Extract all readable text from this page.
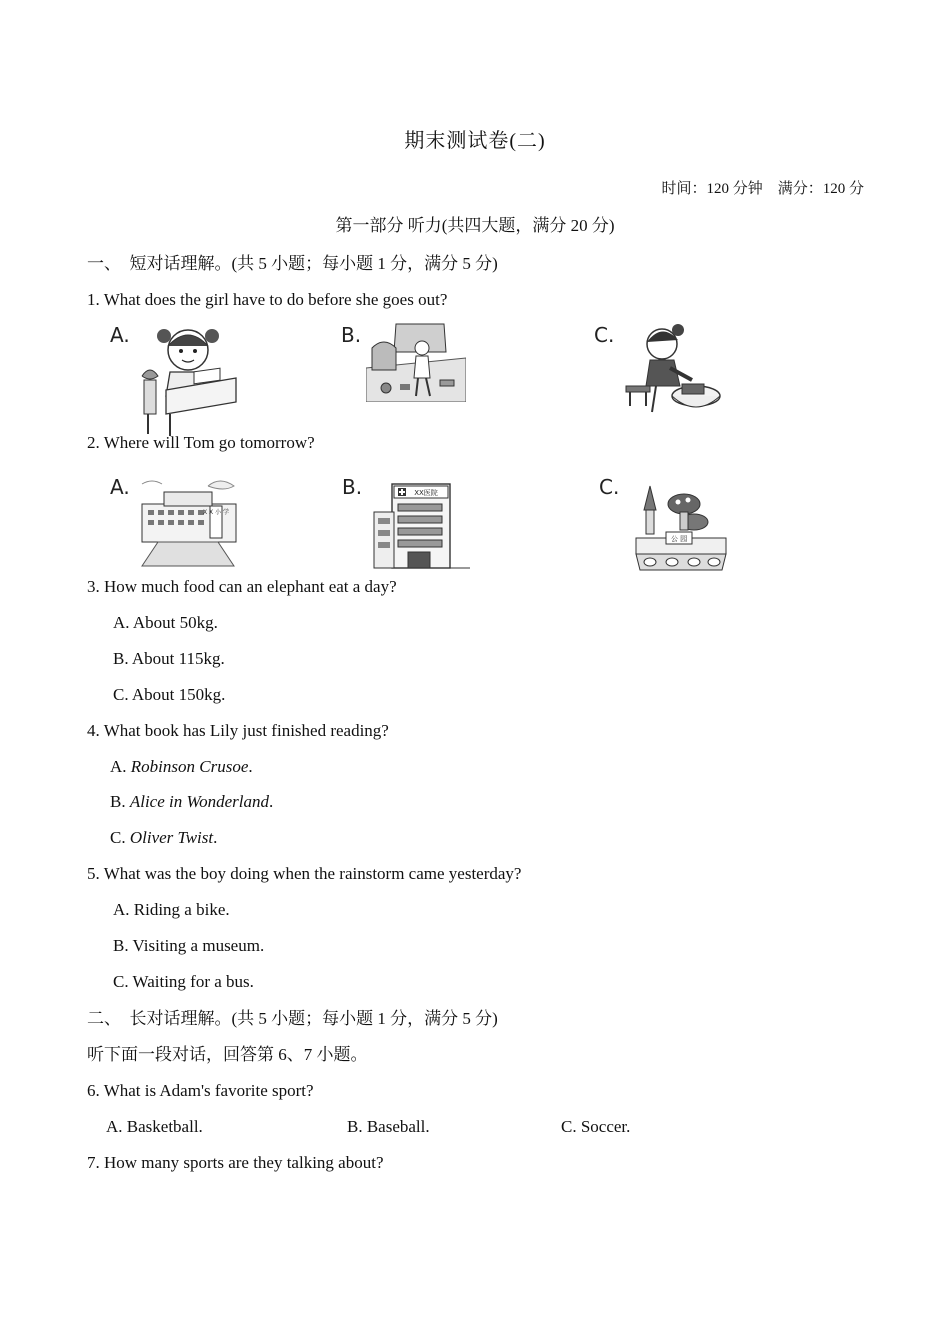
期末测试卷(二)
时间：120 分钟　满分：120 分
第一部分 听力(共四大题，满分 20 分)
一、　短对话理解。(共 5 小题；每小题 1 分，满分 5 分)
1. What does the girl have to do before she goes out?
A.	B.	C.
2. Where will Tom go tomorrow?
A.
X X 小 学
B.	XX医院	C.
公 园
3. How much food can an elephant eat a day?
A. About 50kg.
B. About 115kg.
C. About 150kg.
4. What book has Lily just finished reading?
A. Robinson Crusoe.
B. Alice in Wonderland.
C. Oliver Twist.
5. What was the boy doing when the rainstorm came yesterday?
A. Riding a bike.
B. Visiting a museum.
C. Waiting for a bus.
二、　长对话理解。(共 5 小题；每小题 1 分，满分 5 分)
听下面一段对话，回答第 6、7 小题。
6. What is Adam's favorite sport?
A. Basketball.	B. Baseball.	C. Soccer.
7. How many sports are they talking about?
